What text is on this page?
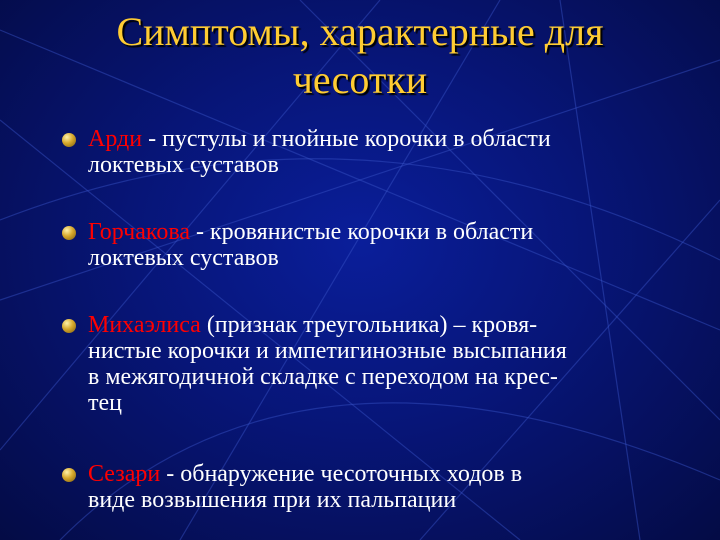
Симптомы, характерные для
чесотки
Арди - пустулы и гнойные корочки в области
локтевых суставов
Горчакова - кровянистые корочки в области
локтевых суставов
Михаэлиса (признак треугольника) – кровя-
нистые корочки и импетигинозные высыпания
в межягодичной складке с переходом на крес-
тец
Сезари - обнаружение чесоточных ходов в
виде возвышения при их пальпации
